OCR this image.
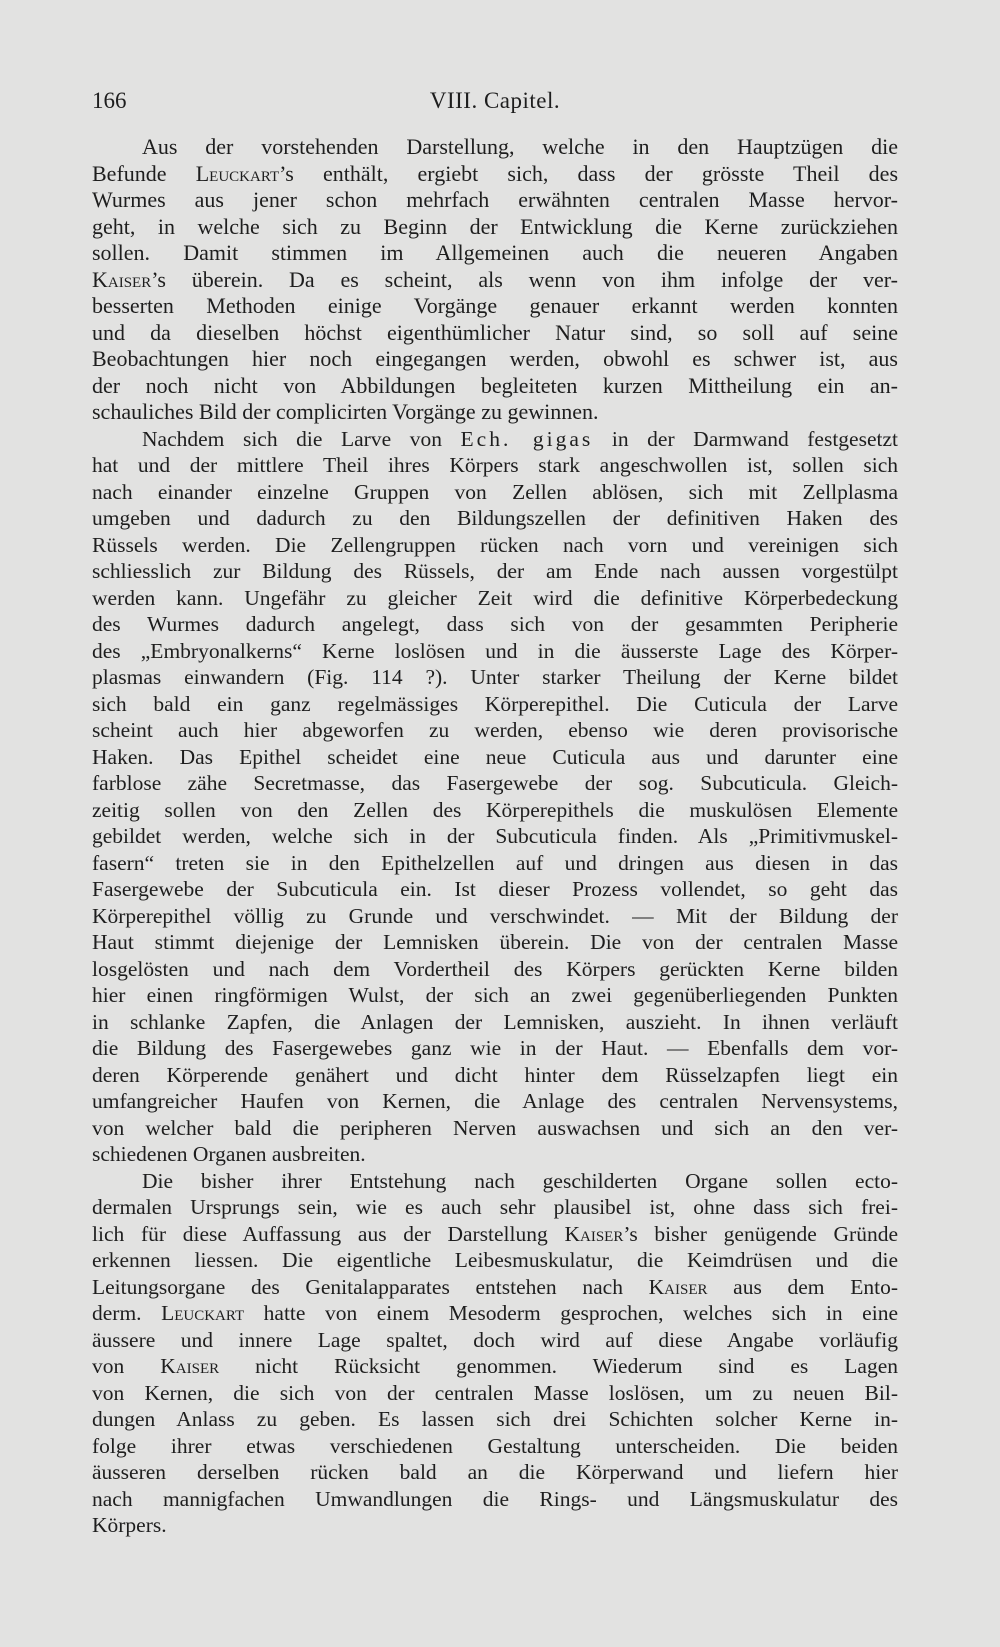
166	VIII. Capitel.
Aus der vorstehenden Darstellung, welche in den Hauptzügen die
Befunde Leuckart’s enthält, ergiebt sich, dass der grösste Theil des
Wurmes aus jener schon mehrfach erwähnten centralen Masse hervor-
geht, in welche sich zu Beginn der Entwicklung die Kerne zurückziehen
sollen. Damit stimmen im Allgemeinen auch die neueren Angaben
Kaiser’s überein. Da es scheint, als wenn von ihm infolge der ver-
besserten Methoden einige Vorgänge genauer erkannt werden konnten
und da dieselben höchst eigenthümlicher Natur sind, so soll auf seine
Beobachtungen hier noch eingegangen werden, obwohl es schwer ist, aus
der noch nicht von Abbildungen begleiteten kurzen Mittheilung ein an-
schauliches Bild der complicirten Vorgänge zu gewinnen.
Nachdem sich die Larve von Ech. gigas in der Darmwand festgesetzt
hat und der mittlere Theil ihres Körpers stark angeschwollen ist, sollen sich
nach einander einzelne Gruppen von Zellen ablösen, sich mit Zellplasma
umgeben und dadurch zu den Bildungszellen der definitiven Haken des
Rüssels werden. Die Zellengruppen rücken nach vorn und vereinigen sich
schliesslich zur Bildung des Rüssels, der am Ende nach aussen vorgestülpt
werden kann. Ungefähr zu gleicher Zeit wird die definitive Körperbedeckung
des Wurmes dadurch angelegt, dass sich von der gesammten Peripherie
des „Embryonalkerns“ Kerne loslösen und in die äusserste Lage des Körper-
plasmas einwandern (Fig. 114 ?). Unter starker Theilung der Kerne bildet
sich bald ein ganz regelmässiges Körperepithel. Die Cuticula der Larve
scheint auch hier abgeworfen zu werden, ebenso wie deren provisorische
Haken. Das Epithel scheidet eine neue Cuticula aus und darunter eine
farblose zähe Secretmasse, das Fasergewebe der sog. Subcuticula. Gleich-
zeitig sollen von den Zellen des Körperepithels die muskulösen Elemente
gebildet werden, welche sich in der Subcuticula finden. Als „Primitivmuskel-
fasern“ treten sie in den Epithelzellen auf und dringen aus diesen in das
Fasergewebe der Subcuticula ein. Ist dieser Prozess vollendet, so geht das
Körperepithel völlig zu Grunde und verschwindet. — Mit der Bildung der
Haut stimmt diejenige der Lemnisken überein. Die von der centralen Masse
losgelösten und nach dem Vordertheil des Körpers gerückten Kerne bilden
hier einen ringförmigen Wulst, der sich an zwei gegenüberliegenden Punkten
in schlanke Zapfen, die Anlagen der Lemnisken, auszieht. In ihnen verläuft
die Bildung des Fasergewebes ganz wie in der Haut. — Ebenfalls dem vor-
deren Körperende genähert und dicht hinter dem Rüsselzapfen liegt ein
umfangreicher Haufen von Kernen, die Anlage des centralen Nervensystems,
von welcher bald die peripheren Nerven auswachsen und sich an den ver-
schiedenen Organen ausbreiten.
Die bisher ihrer Entstehung nach geschilderten Organe sollen ecto-
dermalen Ursprungs sein, wie es auch sehr plausibel ist, ohne dass sich frei-
lich für diese Auffassung aus der Darstellung Kaiser’s bisher genügende Gründe
erkennen liessen. Die eigentliche Leibesmuskulatur, die Keimdrüsen und die
Leitungsorgane des Genitalapparates entstehen nach Kaiser aus dem Ento-
derm. Leuckart hatte von einem Mesoderm gesprochen, welches sich in eine
äussere und innere Lage spaltet, doch wird auf diese Angabe vorläufig
von Kaiser nicht Rücksicht genommen. Wiederum sind es Lagen
von Kernen, die sich von der centralen Masse loslösen, um zu neuen Bil-
dungen Anlass zu geben. Es lassen sich drei Schichten solcher Kerne in-
folge ihrer etwas verschiedenen Gestaltung unterscheiden. Die beiden
äusseren derselben rücken bald an die Körperwand und liefern hier
nach mannigfachen Umwandlungen die Rings- und Längsmuskulatur des
Körpers.
